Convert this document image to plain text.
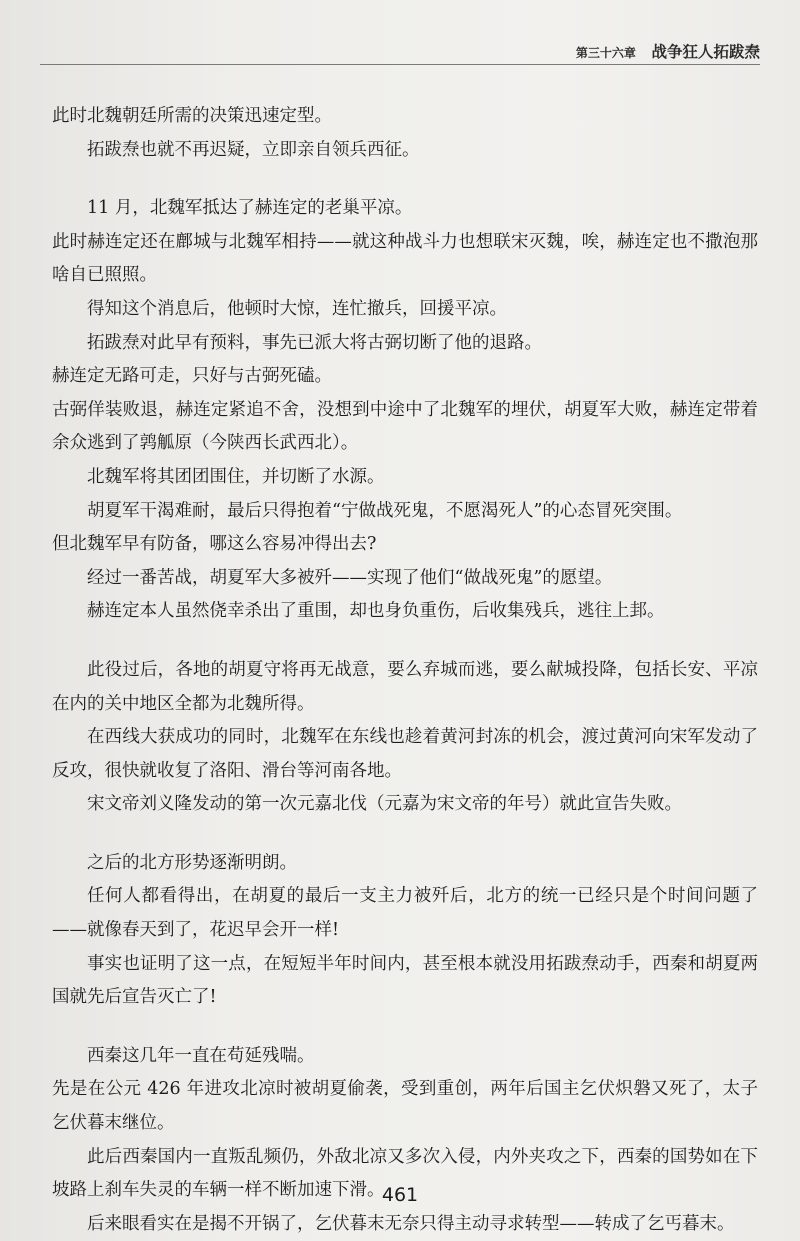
第三十六章 战争狂人拓跋焘

此时北魏朝廷所需的决策迅速定型。

拓跋焘也就不再迟疑，立即亲自领兵西征。

11 月，北魏军抵达了赫连定的老巢平凉。

此时赫连定还在鄜城与北魏军相持——就这种战斗力也想联宋灭魏，唉，赫连定也不撒泡那啥自已照照。

得知这个消息后，他顿时大惊，连忙撤兵，回援平凉。

拓跋焘对此早有预料，事先已派大将古弼切断了他的退路。

赫连定无路可走，只好与古弼死磕。

古弼佯装败退，赫连定紧追不舍，没想到中途中了北魏军的埋伏，胡夏军大败，赫连定带着余众逃到了鹑觚原（今陕西长武西北）。

北魏军将其团团围住，并切断了水源。

胡夏军干渴难耐，最后只得抱着“宁做战死鬼，不愿渴死人”的心态冒死突围。

但北魏军早有防备，哪这么容易冲得出去?

经过一番苦战，胡夏军大多被歼——实现了他们“做战死鬼”的愿望。

赫连定本人虽然侥幸杀出了重围，却也身负重伤，后收集残兵，逃往上邽。

此役过后，各地的胡夏守将再无战意，要么弃城而逃，要么献城投降，包括长安、平凉在内的关中地区全都为北魏所得。

在西线大获成功的同时，北魏军在东线也趁着黄河封冻的机会，渡过黄河向宋军发动了反攻，很快就收复了洛阳、滑台等河南各地。

宋文帝刘义隆发动的第一次元嘉北伐（元嘉为宋文帝的年号）就此宣告失败。

之后的北方形势逐渐明朗。

任何人都看得出，在胡夏的最后一支主力被歼后，北方的统一已经只是个时间问题了——就像春天到了，花迟早会开一样!

事实也证明了这一点，在短短半年时间内，甚至根本就没用拓跋焘动手，西秦和胡夏两国就先后宣告灭亡了!

西秦这几年一直在苟延残喘。

先是在公元 426 年进攻北凉时被胡夏偷袭，受到重创，两年后国主乞伏炽磐又死了，太子乞伏暮末继位。

此后西秦国内一直叛乱频仍，外敌北凉又多次入侵，内外夹攻之下，西秦的国势如在下坡路上刹车失灵的车辆一样不断加速下滑。

后来眼看实在是揭不开锅了，乞伏暮末无奈只得主动寻求转型——转成了乞丐暮末。

461
